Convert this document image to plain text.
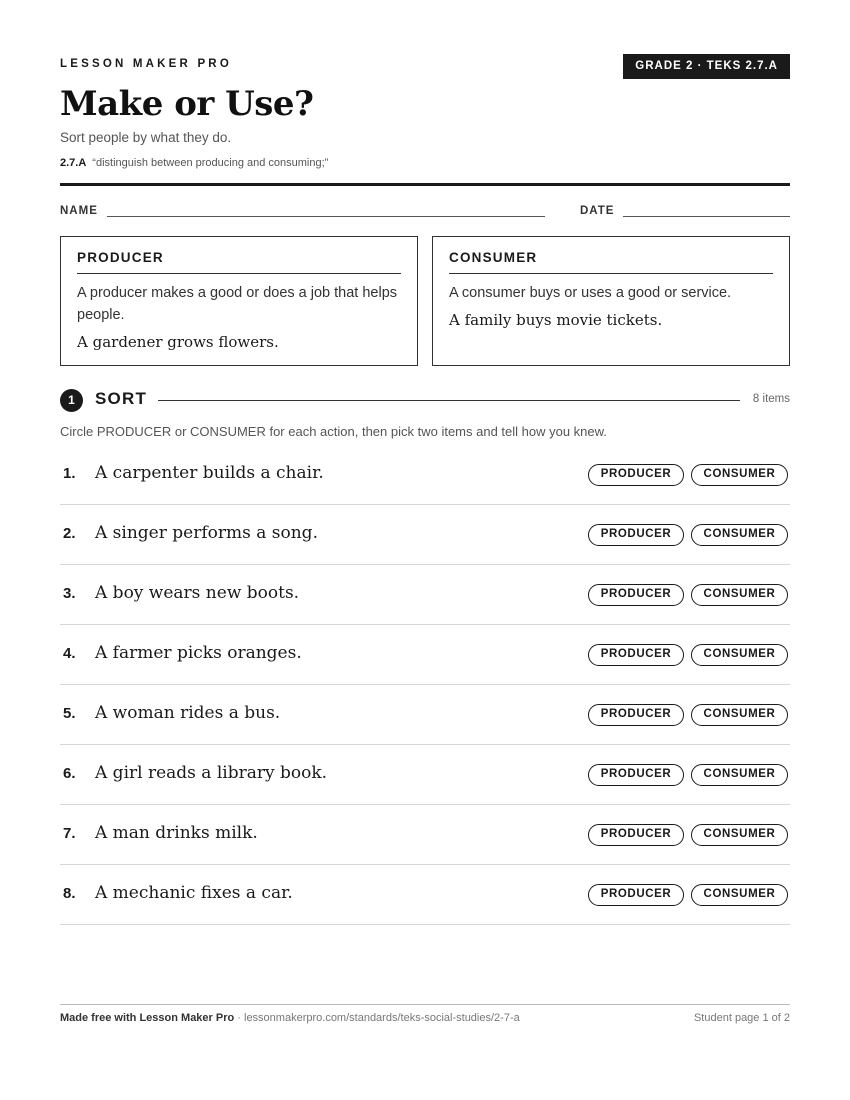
LESSON MAKER PRO	GRADE 2 · TEKS 2.7.A
Make or Use?
Sort people by what they do.
2.7.A “distinguish between producing and consuming;”
NAME	DATE
PRODUCER

A producer makes a good or does a job that helps people.

A gardener grows flowers.

CONSUMER

A consumer buys or uses a good or service.

A family buys movie tickets.

1	SORT	8 items
Circle PRODUCER or CONSUMER for each action, then pick two items and tell how you knew.
1. A carpenter builds a chair.	PRODUCER	CONSUMER
2. A singer performs a song.	PRODUCER	CONSUMER
3. A boy wears new boots.	PRODUCER	CONSUMER
4. A farmer picks oranges.	PRODUCER	CONSUMER
5. A woman rides a bus.	PRODUCER	CONSUMER
6. A girl reads a library book.	PRODUCER	CONSUMER
7. A man drinks milk.	PRODUCER	CONSUMER
8. A mechanic fixes a car.	PRODUCER	CONSUMER
Made free with Lesson Maker Pro · lessonmakerpro.com/standards/teks-social-studies/2-7-a	Student page 1 of 2
